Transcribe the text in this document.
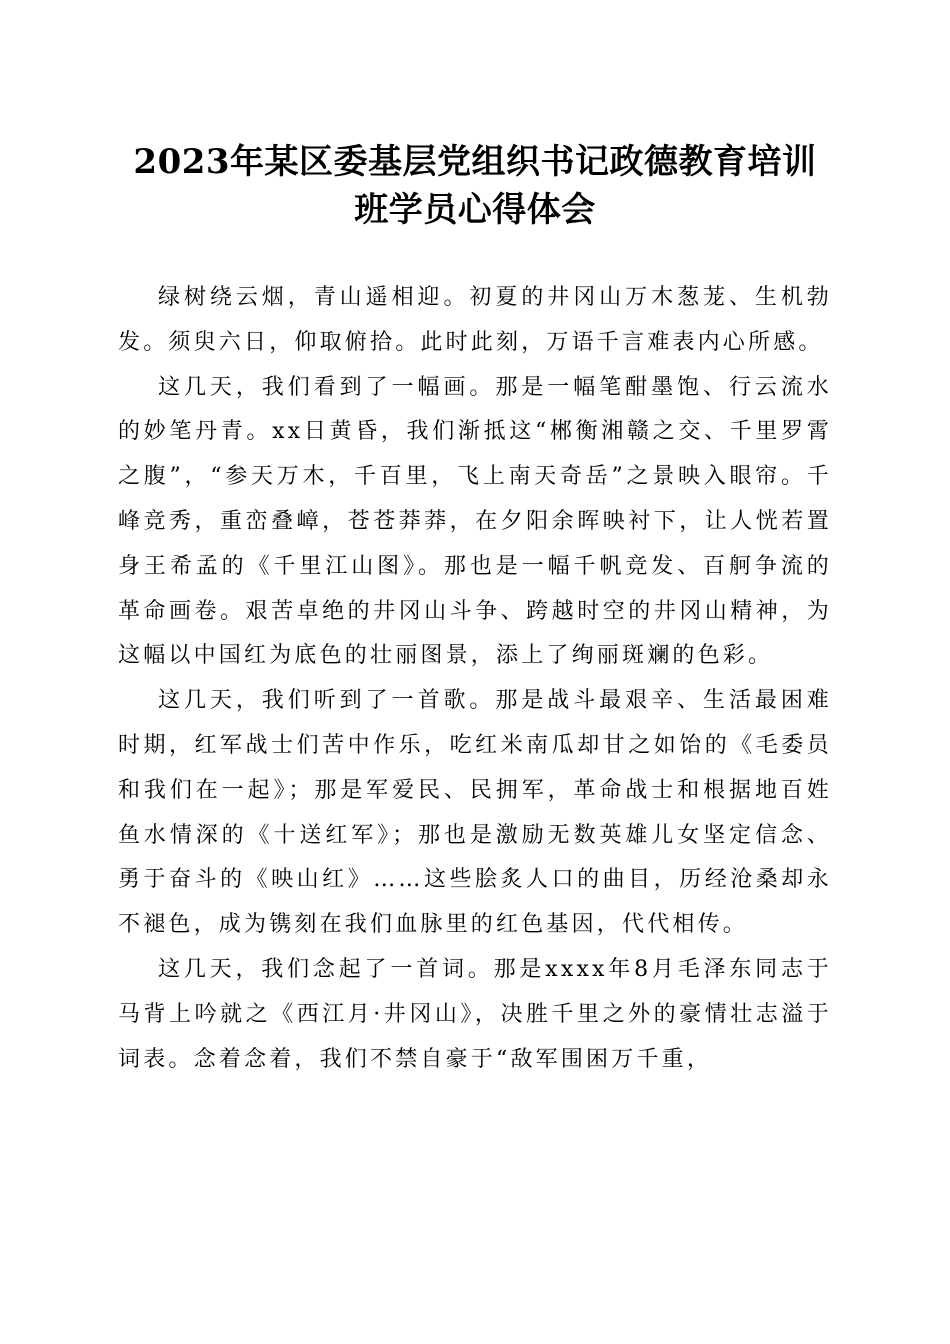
2023年某区委基层党组织书记政德教育培训
班学员心得体会

绿树绕云烟，青山遥相迎。初夏的井冈山万木葱茏、生机勃发。须臾六日，仰取俯拾。此时此刻，万语千言难表内心所感。

这几天，我们看到了一幅画。那是一幅笔酣墨饱、行云流水的妙笔丹青。xx日黄昏，我们渐抵这“郴衡湘赣之交、千里罗霄之腹”，“参天万木，千百里，飞上南天奇岳”之景映入眼帘。千峰竞秀，重峦叠嶂，苍苍莽莽，在夕阳余晖映衬下，让人恍若置身王希孟的《千里江山图》。那也是一幅千帆竞发、百舸争流的革命画卷。艰苦卓绝的井冈山斗争、跨越时空的井冈山精神，为这幅以中国红为底色的壮丽图景，添上了绚丽斑斓的色彩。

这几天，我们听到了一首歌。那是战斗最艰辛、生活最困难时期，红军战士们苦中作乐，吃红米南瓜却甘之如饴的《毛委员和我们在一起》；那是军爱民、民拥军，革命战士和根据地百姓鱼水情深的《十送红军》；那也是激励无数英雄儿女坚定信念、勇于奋斗的《映山红》……这些脍炙人口的曲目，历经沧桑却永不褪色，成为镌刻在我们血脉里的红色基因，代代相传。

这几天，我们念起了一首词。那是xxxx年8月毛泽东同志于马背上吟就之《西江月·井冈山》，决胜千里之外的豪情壮志溢于词表。念着念着，我们不禁自豪于“敌军围困万千重，
